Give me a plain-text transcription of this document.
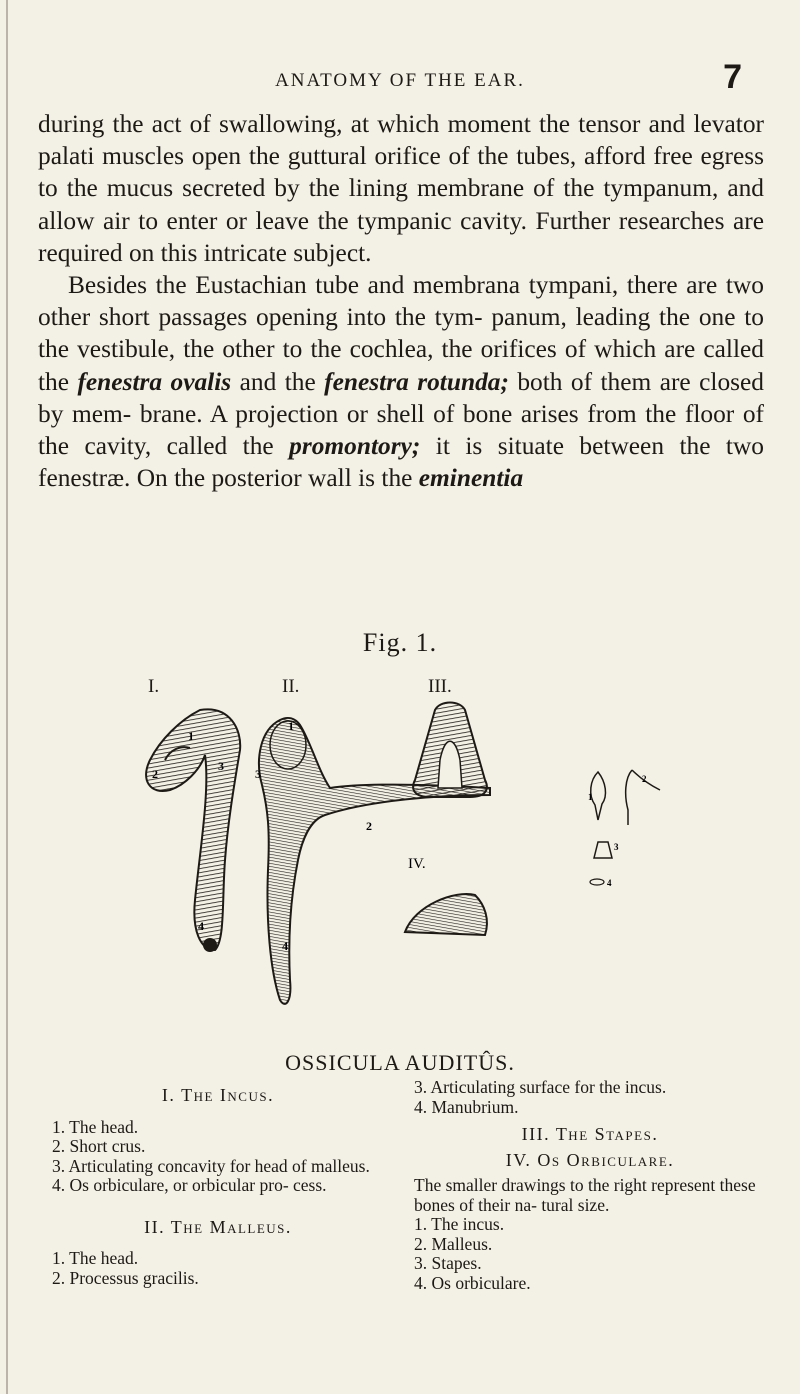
ANATOMY OF THE EAR.	7

during the act of swallowing, at which moment the tensor and levator palati muscles open the guttural orifice of the tubes, afford free egress to the mucus secreted by the lining membrane of the tympanum, and allow air to enter or leave the tympanic cavity. Further researches are required on this intricate subject.

Besides the Eustachian tube and membrana tympani, there are two other short passages opening into the tym- panum, leading the one to the vestibule, the other to the cochlea, the orifices of which are called the fenestra ovalis and the fenestra rotunda; both of them are closed by mem- brane. A projection or shell of bone arises from the floor of the cavity, called the promontory; it is situate between the two fenestræ. On the posterior wall is the eminentia

Fig. 1.
I.	II.	III.
2
1
3
4
1
2
3
4
IV.
1
2
3
4
OSSICULA AUDITÛS.
I. The Incus.
1. The head.
2. Short crus.
3. Articulating concavity for head of malleus.
4. Os orbiculare, or orbicular pro- cess.
II. The Malleus.
1. The head.
2. Processus gracilis.
3. Articulating surface for the incus.
4. Manubrium.
III. The Stapes.
IV. Os Orbiculare.
The smaller drawings to the right represent these bones of their na- tural size.
1. The incus.
2. Malleus.
3. Stapes.
4. Os orbiculare.
